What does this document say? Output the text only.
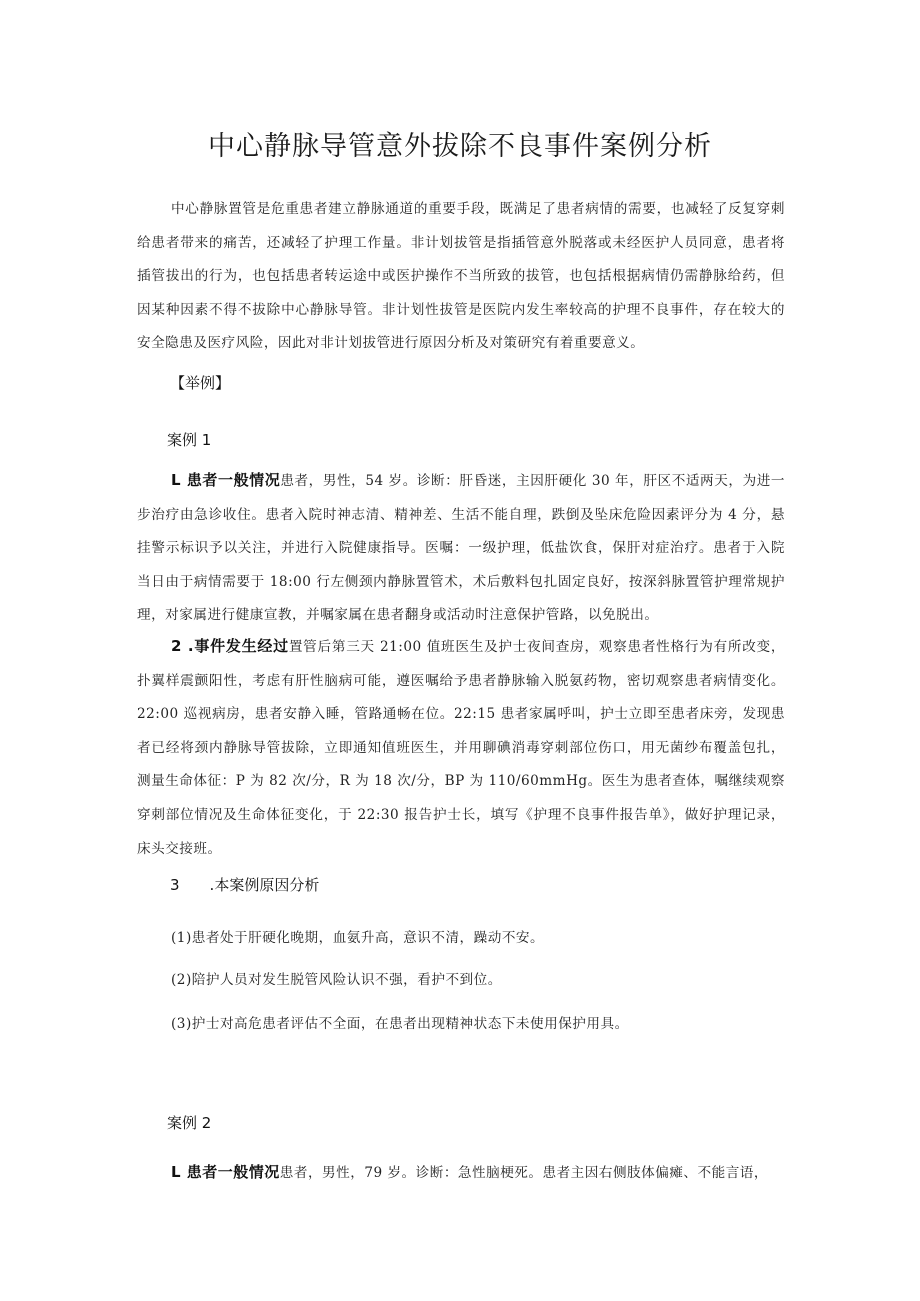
中心静脉导管意外拔除不良事件案例分析

中心静脉置管是危重患者建立静脉通道的重要手段，既满足了患者病情的需要，也减轻了反复穿刺给患者带来的痛苦，还减轻了护理工作量。非计划拔管是指插管意外脱落或未经医护人员同意，患者将插管拔出的行为，也包括患者转运途中或医护操作不当所致的拔管，也包括根据病情仍需静脉给药，但因某种因素不得不拔除中心静脉导管。非计划性拔管是医院内发生率较高的护理不良事件，存在较大的安全隐患及医疗风险，因此对非计划拔管进行原因分析及对策研究有着重要意义。

【举例】
案例 1

L 患者一般情况患者，男性，54 岁。诊断：肝昏迷，主因肝硬化 30 年，肝区不适两天，为进一步治疗由急诊收住。患者入院时神志清、精神差、生活不能自理，跌倒及坠床危险因素评分为 4 分，悬挂警示标识予以关注，并进行入院健康指导。医嘱：一级护理，低盐饮食，保肝对症治疗。患者于入院当日由于病情需要于 18:00 行左侧颈内静脉置管术，术后敷料包扎固定良好，按深斜脉置管护理常规护理，对家属进行健康宣教，并嘱家属在患者翻身或活动时注意保护管路，以免脱出。

2 .事件发生经过置管后第三天 21:00 值班医生及护士夜间查房，观察患者性格行为有所改变，扑翼样震颤阳性，考虑有肝性脑病可能，遵医嘱给予患者静脉输入脱氨药物，密切观察患者病情变化。22:00 巡视病房，患者安静入睡，管路通畅在位。22:15 患者家属呼叫，护士立即至患者床旁，发现患者已经将颈内静脉导管拔除，立即通知值班医生，并用聊碘消毒穿刺部位伤口，用无菌纱布覆盖包扎，测量生命体征：P 为 82 次/分，R 为 18 次/分，BP 为 110/60mmHg。医生为患者查体，嘱继续观察穿刺部位情况及生命体征变化，于 22:30 报告护士长，填写《护理不良事件报告单》，做好护理记录，床头交接班。

3 .本案例原因分析
(1)患者处于肝硬化晚期，血氨升高，意识不清，躁动不安。
(2)陪护人员对发生脱管风险认识不强，看护不到位。
(3)护士对高危患者评估不全面，在患者出现精神状态下未使用保护用具。
案例 2

L 患者一般情况患者，男性，79 岁。诊断：急性脑梗死。患者主因右侧肢体偏瘫、不能言语，
